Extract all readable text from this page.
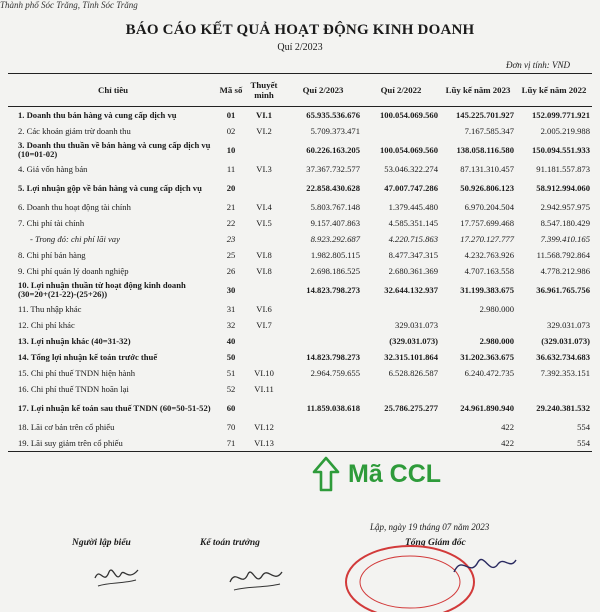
Thành phố Sóc Trăng, Tỉnh Sóc Trăng
BÁO CÁO KẾT QUẢ HOẠT ĐỘNG KINH DOANH
Quí 2/2023
Đơn vị tính: VND
Chỉ tiêu	Mã số	Thuyết minh	Quí 2/2023	Quí 2/2022	Lũy kế năm 2023	Lũy kế năm 2022
1. Doanh thu bán hàng và cung cấp dịch vụ	01	VI.1	65.935.536.676	100.054.069.560	145.225.701.927	152.099.771.921
2. Các khoản giảm trừ doanh thu	02	VI.2	5.709.373.471		7.167.585.347	2.005.219.988
3. Doanh thu thuần về bán hàng và cung cấp dịch vụ (10=01-02)	10		60.226.163.205	100.054.069.560	138.058.116.580	150.094.551.933
4. Giá vốn hàng bán	11	VI.3	37.367.732.577	53.046.322.274	87.131.310.457	91.181.557.873
5. Lợi nhuận gộp về bán hàng và cung cấp dịch vụ	20		22.858.430.628	47.007.747.286	50.926.806.123	58.912.994.060
6. Doanh thu hoạt động tài chính	21	VI.4	5.803.767.148	1.379.445.480	6.970.204.504	2.942.957.975
7. Chi phí tài chính	22	VI.5	9.157.407.863	4.585.351.145	17.757.699.468	8.547.180.429
- Trong đó: chi phí lãi vay	23		8.923.292.687	4.220.715.863	17.270.127.777	7.399.410.165
8. Chi phí bán hàng	25	VI.8	1.982.805.115	8.477.347.315	4.232.763.926	11.568.792.864
9. Chi phí quản lý doanh nghiệp	26	VI.8	2.698.186.525	2.680.361.369	4.707.163.558	4.778.212.986
10. Lợi nhuận thuần từ hoạt động kinh doanh (30=20+(21-22)-(25+26))	30		14.823.798.273	32.644.132.937	31.199.383.675	36.961.765.756
11. Thu nhập khác	31	VI.6			2.980.000	
12. Chi phí khác	32	VI.7		329.031.073		329.031.073
13. Lợi nhuận khác (40=31-32)	40			(329.031.073)	2.980.000	(329.031.073)
14. Tổng lợi nhuận kế toán trước thuế	50		14.823.798.273	32.315.101.864	31.202.363.675	36.632.734.683
15. Chi phí thuế TNDN hiện hành	51	VI.10	2.964.759.655	6.528.826.587	6.240.472.735	7.392.353.151
16. Chi phí thuế TNDN hoãn lại	52	VI.11				
17. Lợi nhuận kế toán sau thuế TNDN (60=50-51-52)	60		11.859.038.618	25.786.275.277	24.961.890.940	29.240.381.532
18. Lãi cơ bản trên cổ phiếu	70	VI.12			422	554
19. Lãi suy giảm trên cổ phiếu	71	VI.13			422	554
Mã CCL
Lập, ngày 19 tháng 07 năm 2023
Người lập biểu	Kế toán trưởng	Tổng Giám đốc
